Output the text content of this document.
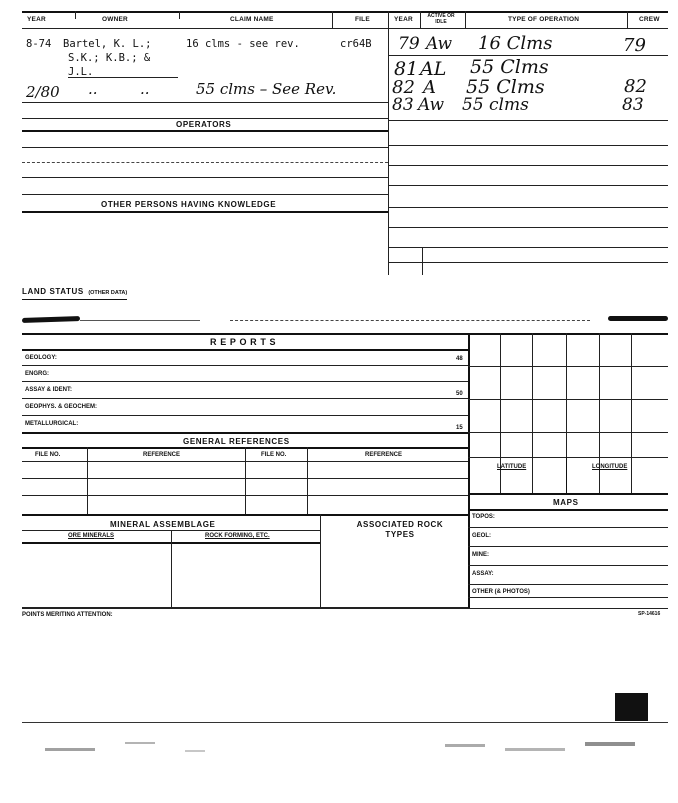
YEAR	OWNER	CLAIM NAME	FILE	YEAR	ACTIVE OR IDLE	TYPE OF OPERATION	CREW
8-74 Bartel, K. L.;	16 clms - see rev.	cr64B
S.K.; K.B.; &
J.L.
2/80 ..	..	55 clms – See Rev.
79 Aw 16 Clms	79
81 AL 55 Clms
82 A 55 Clms	82
83 Aw 55 clms	83
OPERATORS
OTHER PERSONS HAVING KNOWLEDGE
LAND STATUS (OTHER DATA)
R E P O R T S
GEOLOGY:	48
ENGRG:
ASSAY & IDENT:
50
GEOPHYS. & GEOCHEM:
METALLURGICAL:
15
GENERAL REFERENCES
FILE NO.	REFERENCE	FILE NO.	REFERENCE
MINERAL ASSEMBLAGE	ASSOCIATED ROCK TYPES
ORE MINERALS	ROCK FORMING, ETC.
LATITUDE	LONGITUDE
MAPS
TOPOS:
GEOL:
MINE:
ASSAY:
OTHER (& PHOTOS)
POINTS MERITING ATTENTION:	SP-14616
